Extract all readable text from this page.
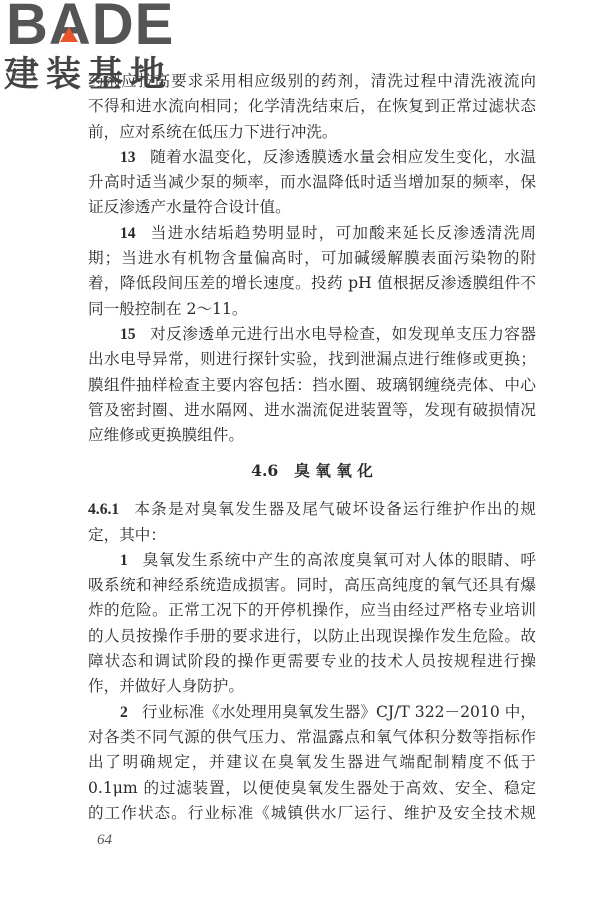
BADE
建装基地
药剂应按高要求采用相应级别的药剂，清洗过程中清洗液流向
不得和进水流向相同；化学清洗结束后，在恢复到正常过滤状态
前，应对系统在低压力下进行冲洗。
13 随着水温变化，反渗透膜透水量会相应发生变化，水温
升高时适当减少泵的频率，而水温降低时适当增加泵的频率，保
证反渗透产水量符合设计值。
14 当进水结垢趋势明显时，可加酸来延长反渗透清洗周
期；当进水有机物含量偏高时，可加碱缓解膜表面污染物的附
着，降低段间压差的增长速度。投药 pH 值根据反渗透膜组件不
同一般控制在 2～11。
15 对反渗透单元进行出水电导检查，如发现单支压力容器
出水电导异常，则进行探针实验，找到泄漏点进行维修或更换；
膜组件抽样检查主要内容包括：挡水圈、玻璃钢缠绕壳体、中心
管及密封圈、进水隔网、进水湍流促进装置等，发现有破损情况
应维修或更换膜组件。
4.6 臭 氧 氧 化
4.6.1 本条是对臭氧发生器及尾气破坏设备运行维护作出的规
定，其中：
1 臭氧发生系统中产生的高浓度臭氧可对人体的眼睛、呼
吸系统和神经系统造成损害。同时，高压高纯度的氧气还具有爆
炸的危险。正常工况下的开停机操作，应当由经过严格专业培训
的人员按操作手册的要求进行，以防止出现误操作发生危险。故
障状态和调试阶段的操作更需要专业的技术人员按规程进行操
作，并做好人身防护。
2 行业标准《水处理用臭氧发生器》CJ/T 322－2010 中，
对各类不同气源的供气压力、常温露点和氧气体积分数等指标作
出了明确规定，并建议在臭氧发生器进气端配制精度不低于
0.1μm 的过滤装置，以便使臭氧发生器处于高效、安全、稳定
的工作状态。行业标准《城镇供水厂运行、维护及安全技术规
64
